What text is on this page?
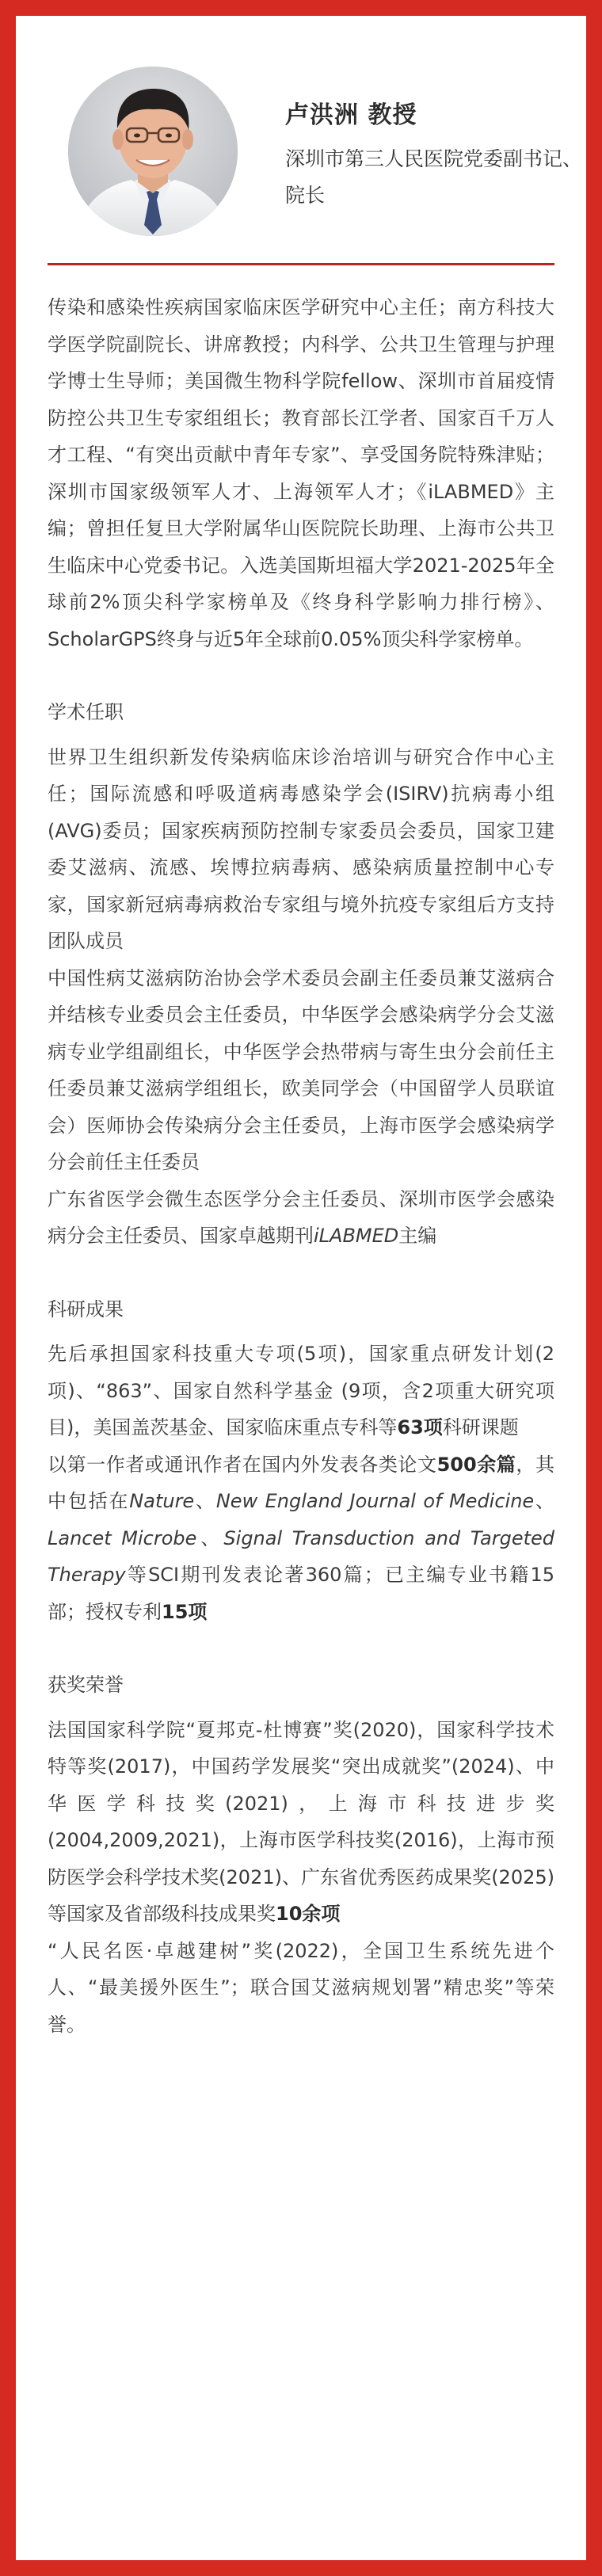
卢洪洲 教授
深圳市第三人民医院党委副书记、院长

传染和感染性疾病国家临床医学研究中心主任；南方科技大学医学院副院长、讲席教授；内科学、公共卫生管理与护理学博士生导师；美国微生物科学院fellow、深圳市首届疫情防控公共卫生专家组组长；教育部长江学者、国家百千万人才工程、“有突出贡献中青年专家”、享受国务院特殊津贴；深圳市国家级领军人才、上海领军人才；《iLABMED》主编；曾担任复旦大学附属华山医院院长助理、上海市公共卫生临床中心党委书记。入选美国斯坦福大学2021-2025年全球前2%顶尖科学家榜单及《终身科学影响力排行榜》、ScholarGPS终身与近5年全球前0.05%顶尖科学家榜单。

学术任职

世界卫生组织新发传染病临床诊治培训与研究合作中心主任；国际流感和呼吸道病毒感染学会(ISIRV)抗病毒小组(AVG)委员；国家疾病预防控制专家委员会委员，国家卫建委艾滋病、流感、埃博拉病毒病、感染病质量控制中心专家，国家新冠病毒病救治专家组与境外抗疫专家组后方支持团队成员

中国性病艾滋病防治协会学术委员会副主任委员兼艾滋病合并结核专业委员会主任委员，中华医学会感染病学分会艾滋病专业学组副组长，中华医学会热带病与寄生虫分会前任主任委员兼艾滋病学组组长，欧美同学会（中国留学人员联谊会）医师协会传染病分会主任委员，上海市医学会感染病学分会前任主任委员

广东省医学会微生态医学分会主任委员、深圳市医学会感染病分会主任委员、国家卓越期刊iLABMED主编

科研成果

先后承担国家科技重大专项(5项)，国家重点研发计划(2项)、“863”、国家自然科学基金 (9项，含2项重大研究项目)，美国盖茨基金、国家临床重点专科等63项科研课题

以第一作者或通讯作者在国内外发表各类论文500余篇，其中包括在Nature、New England Journal of Medicine、Lancet Microbe、Signal Transduction and Targeted Therapy等SCI期刊发表论著360篇；已主编专业书籍15部；授权专利15项

获奖荣誉

法国国家科学院“夏邦克-杜博赛”奖(2020)，国家科学技术特等奖(2017)，中国药学发展奖“突出成就奖”(2024)、中华医学科技奖(2021)，上海市科技进步奖(2004,2009,2021)，上海市医学科技奖(2016)，上海市预防医学会科学技术奖(2021)、广东省优秀医药成果奖(2025)等国家及省部级科技成果奖10余项

“人民名医·卓越建树”奖(2022)，全国卫生系统先进个人、“最美援外医生”；联合国艾滋病规划署”精忠奖”等荣誉。
